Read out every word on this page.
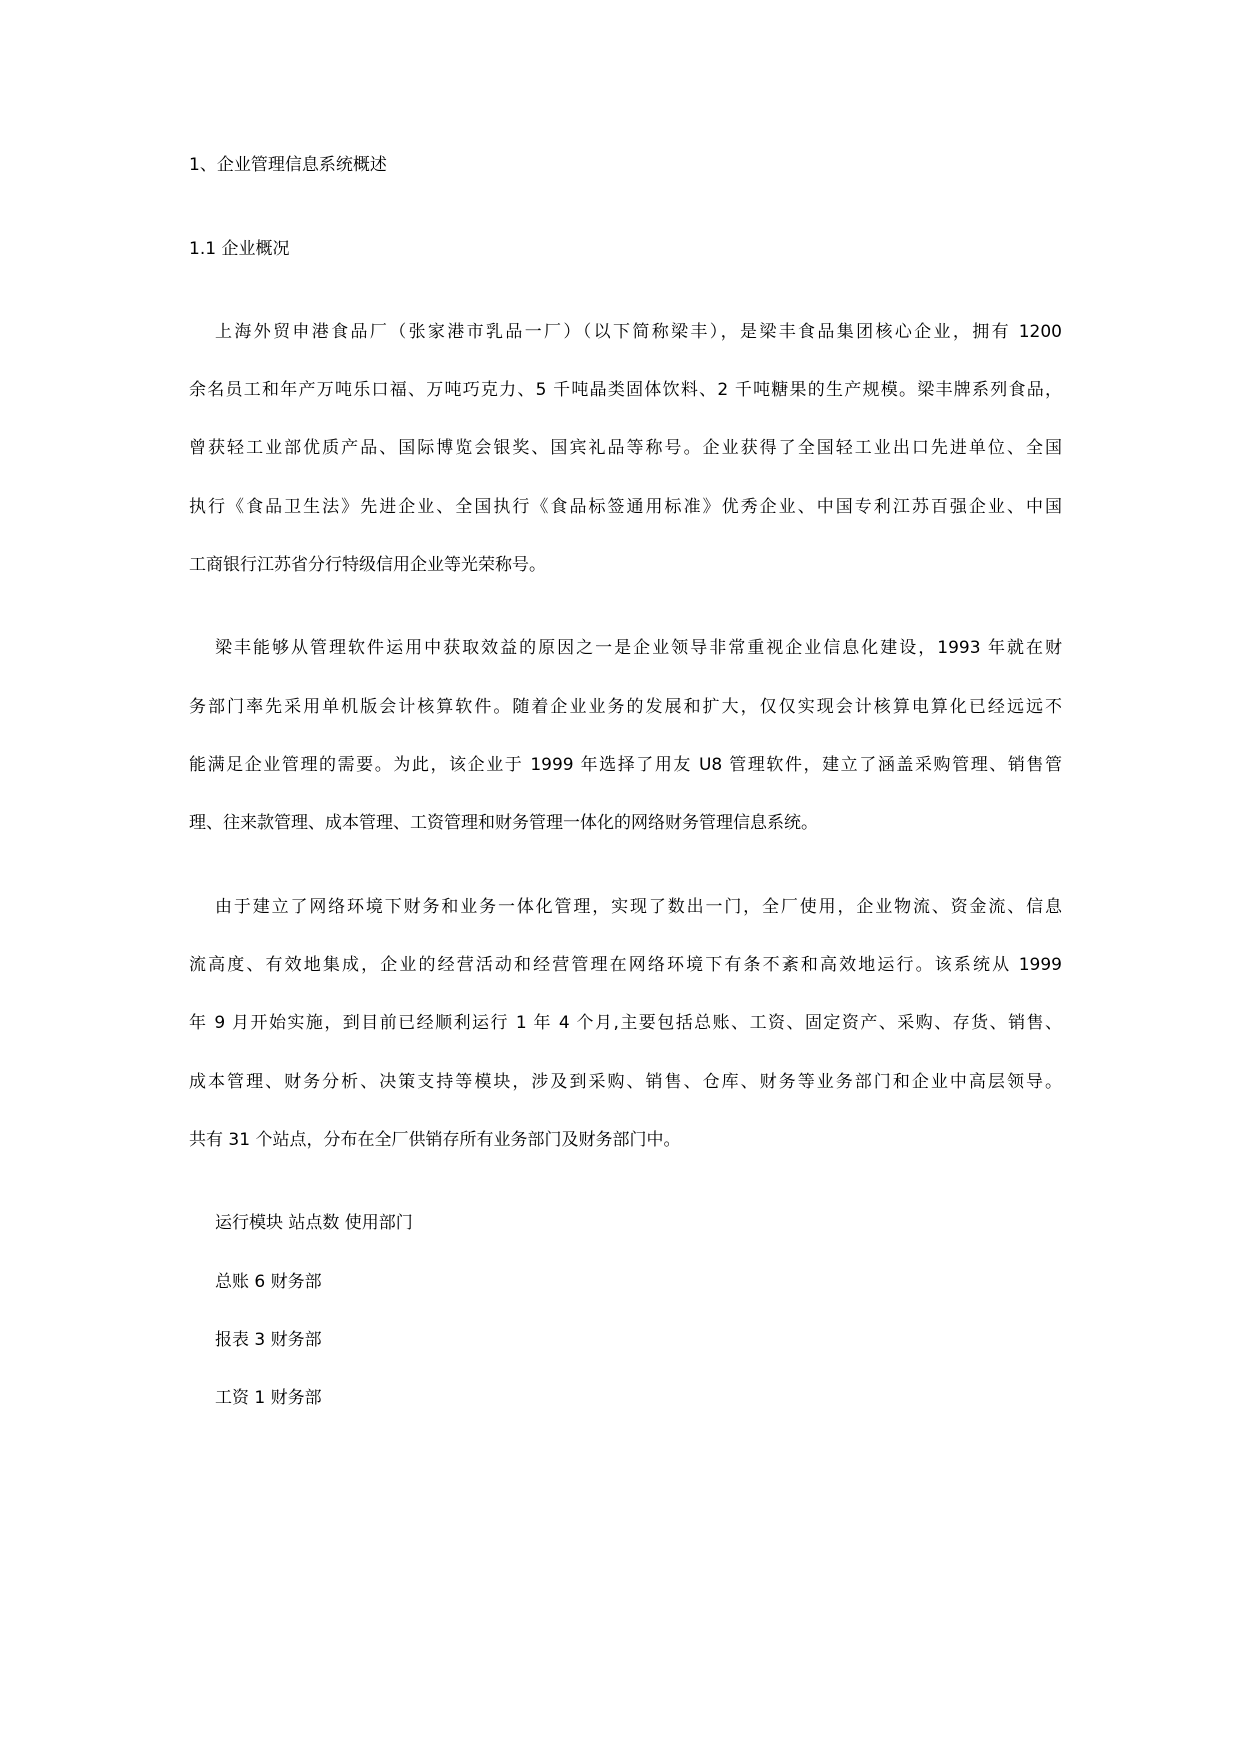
1、企业管理信息系统概述
1.1 企业概况
上海外贸申港食品厂（张家港市乳品一厂）（以下简称梁丰），是梁丰食品集团核心企业，拥有 1200
余名员工和年产万吨乐口福、万吨巧克力、5 千吨晶类固体饮料、2 千吨糖果的生产规模。梁丰牌系列食品，
曾获轻工业部优质产品、国际博览会银奖、国宾礼品等称号。企业获得了全国轻工业出口先进单位、全国
执行《食品卫生法》先进企业、全国执行《食品标签通用标准》优秀企业、中国专利江苏百强企业、中国
工商银行江苏省分行特级信用企业等光荣称号。
梁丰能够从管理软件运用中获取效益的原因之一是企业领导非常重视企业信息化建设，1993 年就在财
务部门率先采用单机版会计核算软件。随着企业业务的发展和扩大，仅仅实现会计核算电算化已经远远不
能满足企业管理的需要。为此，该企业于 1999 年选择了用友 U8 管理软件，建立了涵盖采购管理、销售管
理、往来款管理、成本管理、工资管理和财务管理一体化的网络财务管理信息系统。
由于建立了网络环境下财务和业务一体化管理，实现了数出一门，全厂使用，企业物流、资金流、信息
流高度、有效地集成，企业的经营活动和经营管理在网络环境下有条不紊和高效地运行。该系统从 1999
年 9 月开始实施，到目前已经顺利运行 1 年 4 个月,主要包括总账、工资、固定资产、采购、存货、销售、
成本管理、财务分析、决策支持等模块，涉及到采购、销售、仓库、财务等业务部门和企业中高层领导。
共有 31 个站点，分布在全厂供销存所有业务部门及财务部门中。
运行模块 站点数 使用部门
总账 6 财务部
报表 3 财务部
工资 1 财务部
